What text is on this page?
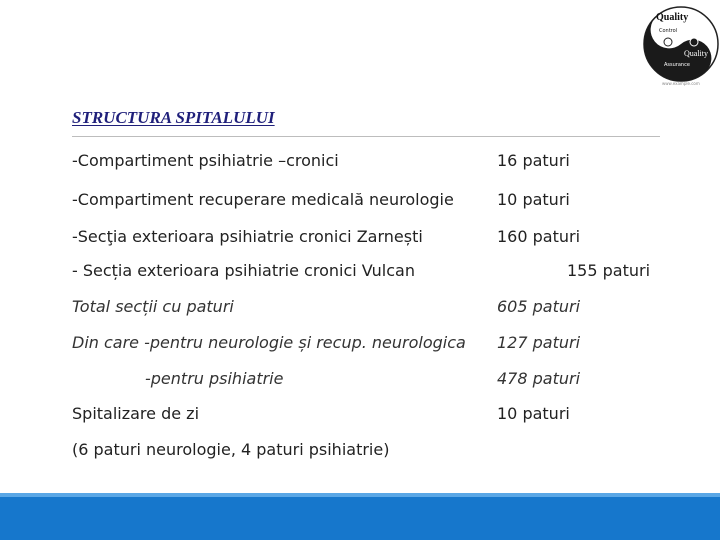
Quality
Control
Quality
Assurance
www.example.com
STRUCTURA SPITALULUI
-Compartiment psihiatrie –cronici	16 paturi
-Compartiment recuperare medicală neurologie	10 paturi
-Secţia exterioara psihiatrie cronici Zarnești	160 paturi
- Secția exterioara psihiatrie cronici Vulcan	155 paturi
Total secții cu paturi	605 paturi
Din care -pentru neurologie și recup. neurologica 127 paturi
-pentru psihiatrie	478 paturi
Spitalizare de zi	10 paturi
(6 paturi neurologie, 4 paturi psihiatrie)
